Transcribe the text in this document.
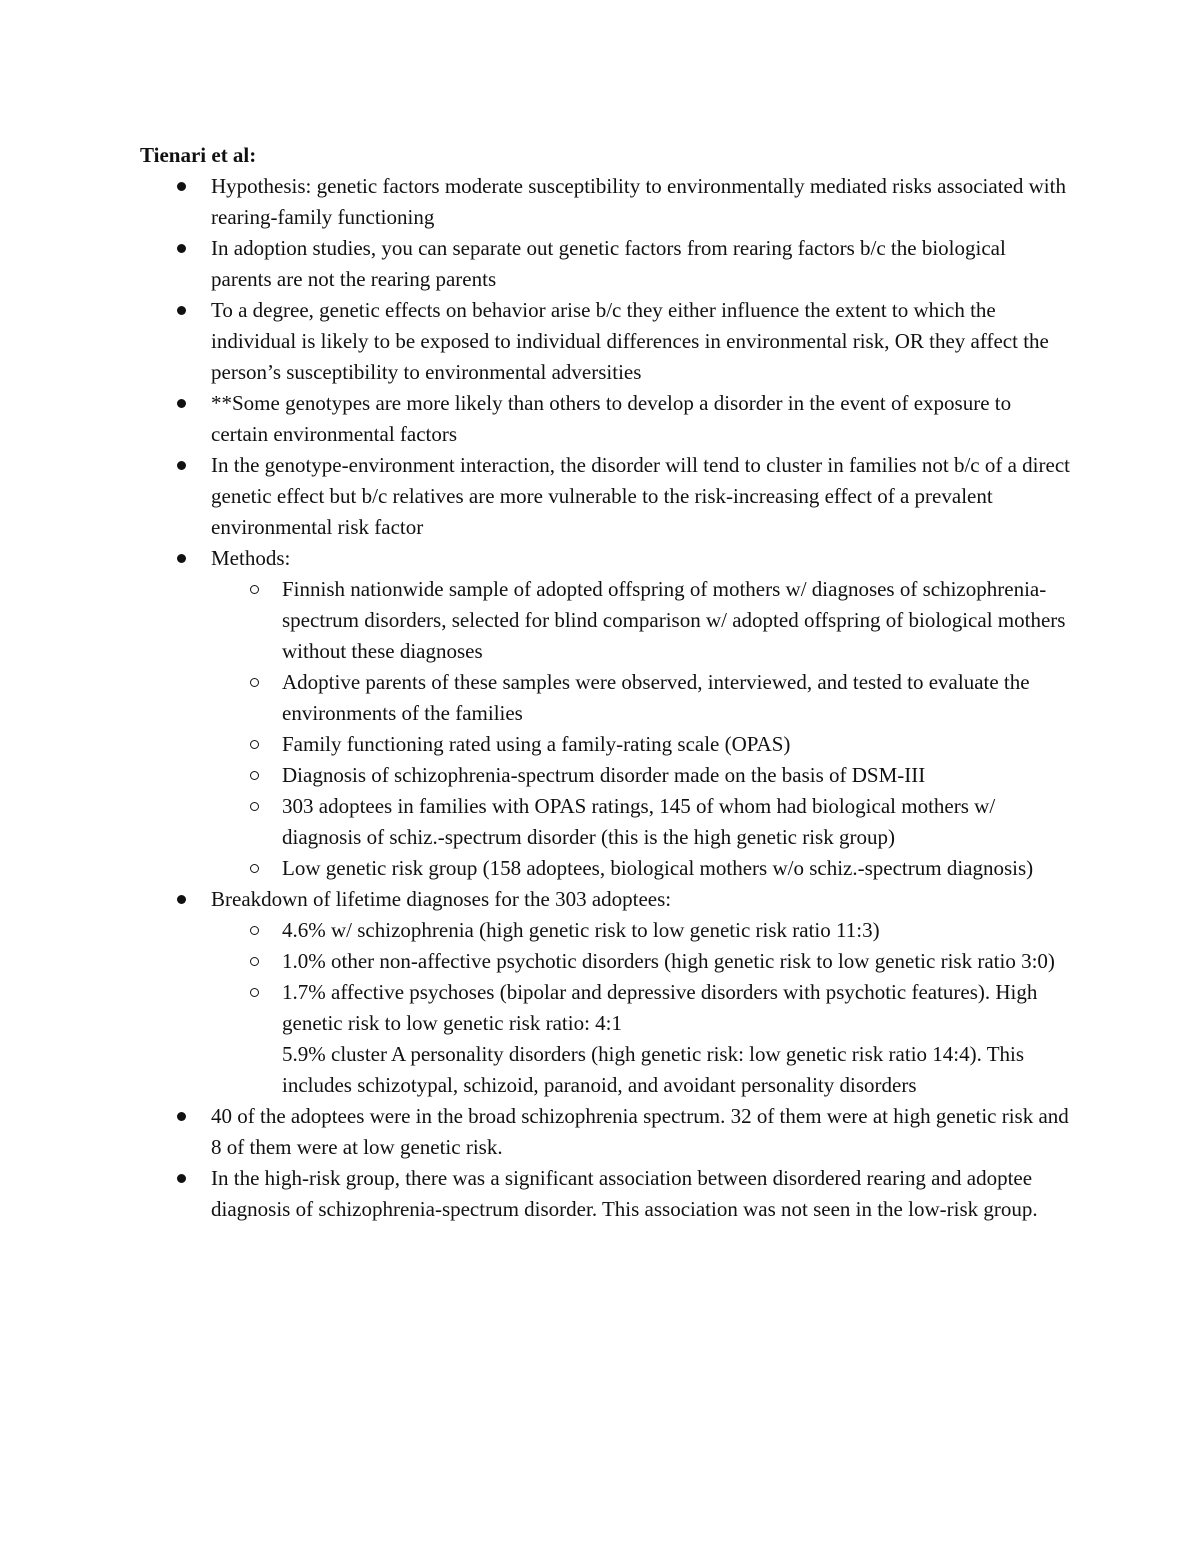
Tienari et al:
Hypothesis: genetic factors moderate susceptibility to environmentally mediated risks associated with rearing-family functioning
In adoption studies, you can separate out genetic factors from rearing factors b/c the biological parents are not the rearing parents
To a degree, genetic effects on behavior arise b/c they either influence the extent to which the individual is likely to be exposed to individual differences in environmental risk, OR they affect the person’s susceptibility to environmental adversities
**Some genotypes are more likely than others to develop a disorder in the event of exposure to certain environmental factors
In the genotype-environment interaction, the disorder will tend to cluster in families not b/c of a direct genetic effect but b/c relatives are more vulnerable to the risk-increasing effect of a prevalent environmental risk factor
Methods:
Finnish nationwide sample of adopted offspring of mothers w/ diagnoses of schizophrenia-spectrum disorders, selected for blind comparison w/ adopted offspring of biological mothers without these diagnoses
Adoptive parents of these samples were observed, interviewed, and tested to evaluate the environments of the families
Family functioning rated using a family-rating scale (OPAS)
Diagnosis of schizophrenia-spectrum disorder made on the basis of DSM-III
303 adoptees in families with OPAS ratings, 145 of whom had biological mothers w/ diagnosis of schiz.-spectrum disorder (this is the high genetic risk group)
Low genetic risk group (158 adoptees, biological mothers w/o schiz.-spectrum diagnosis)
Breakdown of lifetime diagnoses for the 303 adoptees:
4.6% w/ schizophrenia (high genetic risk to low genetic risk ratio 11:3)
1.0% other non-affective psychotic disorders (high genetic risk to low genetic risk ratio 3:0)
1.7% affective psychoses (bipolar and depressive disorders with psychotic features). High genetic risk to low genetic risk ratio: 4:1
5.9% cluster A personality disorders (high genetic risk: low genetic risk ratio 14:4). This includes schizotypal, schizoid, paranoid, and avoidant personality disorders
40 of the adoptees were in the broad schizophrenia spectrum. 32 of them were at high genetic risk and 8 of them were at low genetic risk.
In the high-risk group, there was a significant association between disordered rearing and adoptee diagnosis of schizophrenia-spectrum disorder. This association was not seen in the low-risk group.
